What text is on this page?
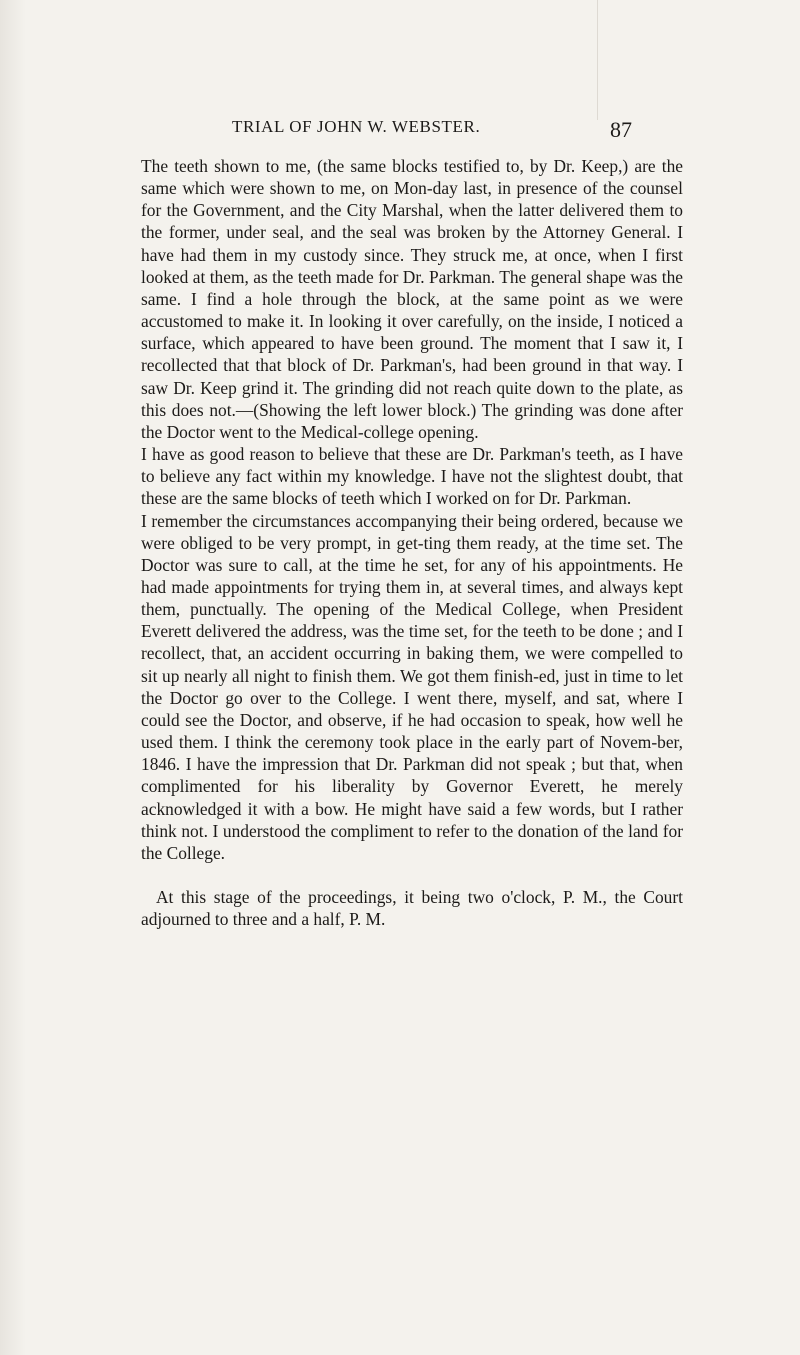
TRIAL OF JOHN W. WEBSTER.	87

The teeth shown to me, (the same blocks testified to, by Dr. Keep,) are the same which were shown to me, on Mon-day last, in presence of the counsel for the Government, and the City Marshal, when the latter delivered them to the former, under seal, and the seal was broken by the Attorney General. I have had them in my custody since. They struck me, at once, when I first looked at them, as the teeth made for Dr. Parkman. The general shape was the same. I find a hole through the block, at the same point as we were accustomed to make it. In looking it over carefully, on the inside, I noticed a surface, which appeared to have been ground. The moment that I saw it, I recollected that that block of Dr. Parkman's, had been ground in that way. I saw Dr. Keep grind it. The grinding did not reach quite down to the plate, as this does not.—(Showing the left lower block.) The grinding was done after the Doctor went to the Medical-college opening.

I have as good reason to believe that these are Dr. Parkman's teeth, as I have to believe any fact within my knowledge. I have not the slightest doubt, that these are the same blocks of teeth which I worked on for Dr. Parkman.

I remember the circumstances accompanying their being ordered, because we were obliged to be very prompt, in get-ting them ready, at the time set. The Doctor was sure to call, at the time he set, for any of his appointments. He had made appointments for trying them in, at several times, and always kept them, punctually. The opening of the Medical College, when President Everett delivered the address, was the time set, for the teeth to be done ; and I recollect, that, an accident occurring in baking them, we were compelled to sit up nearly all night to finish them. We got them finish-ed, just in time to let the Doctor go over to the College. I went there, myself, and sat, where I could see the Doctor, and observe, if he had occasion to speak, how well he used them. I think the ceremony took place in the early part of Novem-ber, 1846. I have the impression that Dr. Parkman did not speak ; but that, when complimented for his liberality by Governor Everett, he merely acknowledged it with a bow. He might have said a few words, but I rather think not. I understood the compliment to refer to the donation of the land for the College.

At this stage of the proceedings, it being two o'clock, P. M., the Court adjourned to three and a half, P. M.
